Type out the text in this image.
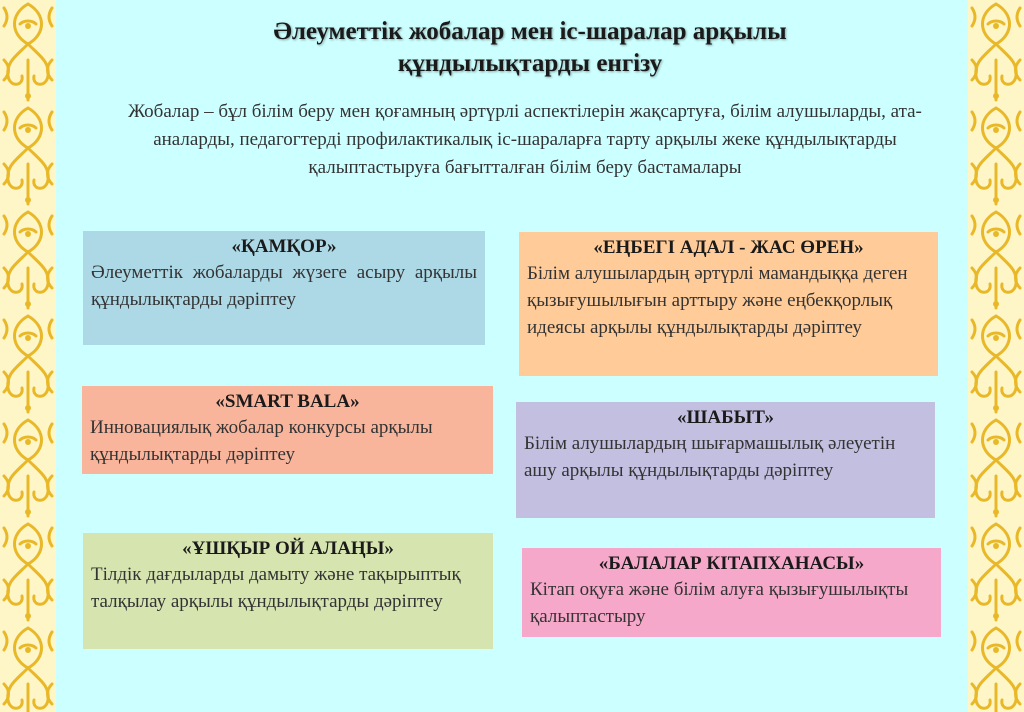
Әлеуметтік жобалар мен іс-шаралар арқылы
құндылықтарды енгізу
Жобалар – бұл білім беру мен қоғамның әртүрлі аспектілерін жақсартуға, білім алушыларды, ата-аналарды, педагогтерді профилактикалық іс-шараларға тарту арқылы жеке құндылықтарды қалыптастыруға бағытталған білім беру бастамалары
«ҚАМҚОР»
Әлеуметтік жобаларды жүзеге асыру арқылы құндылықтарды дәріптеу
«ЕҢБЕГІ АДАЛ - ЖАС ӨРЕН»
Білім алушылардың әртүрлі мамандыққа деген қызығушылығын арттыру және еңбекқорлық идеясы арқылы құндылықтарды дәріптеу
«SMART BALA»
Инновациялық жобалар конкурсы арқылы құндылықтарды дәріптеу
«ШАБЫТ»
Білім алушылардың шығармашылық әлеуетін ашу арқылы құндылықтарды дәріптеу
«ҰШҚЫР ОЙ АЛАҢЫ»
Тілдік дағдыларды дамыту және тақырыптық талқылау арқылы құндылықтарды дәріптеу
«БАЛАЛАР КІТАПХАНАСЫ»
Кітап оқуға және білім алуға қызығушылықты қалыптастыру
